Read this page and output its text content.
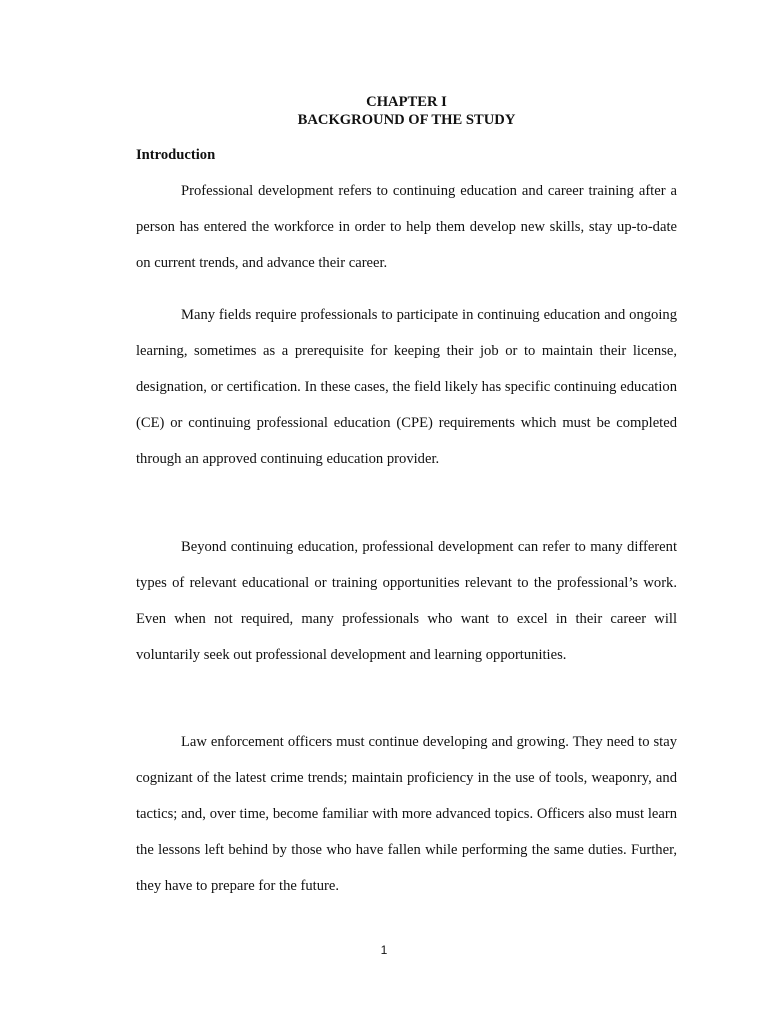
CHAPTER I
BACKGROUND OF THE STUDY
Introduction

Professional development refers to continuing education and career training after a person has entered the workforce in order to help them develop new skills, stay up-to-date on current trends, and advance their career.

Many fields require professionals to participate in continuing education and ongoing learning, sometimes as a prerequisite for keeping their job or to maintain their license, designation, or certification. In these cases, the field likely has specific continuing education (CE) or continuing professional education (CPE) requirements which must be completed through an approved continuing education provider.

Beyond continuing education, professional development can refer to many different types of relevant educational or training opportunities relevant to the professional’s work. Even when not required, many professionals who want to excel in their career will voluntarily seek out professional development and learning opportunities.

Law enforcement officers must continue developing and growing. They need to stay cognizant of the latest crime trends; maintain proficiency in the use of tools, weaponry, and tactics; and, over time, become familiar with more advanced topics. Officers also must learn the lessons left behind by those who have fallen while performing the same duties. Further, they have to prepare for the future.

1
